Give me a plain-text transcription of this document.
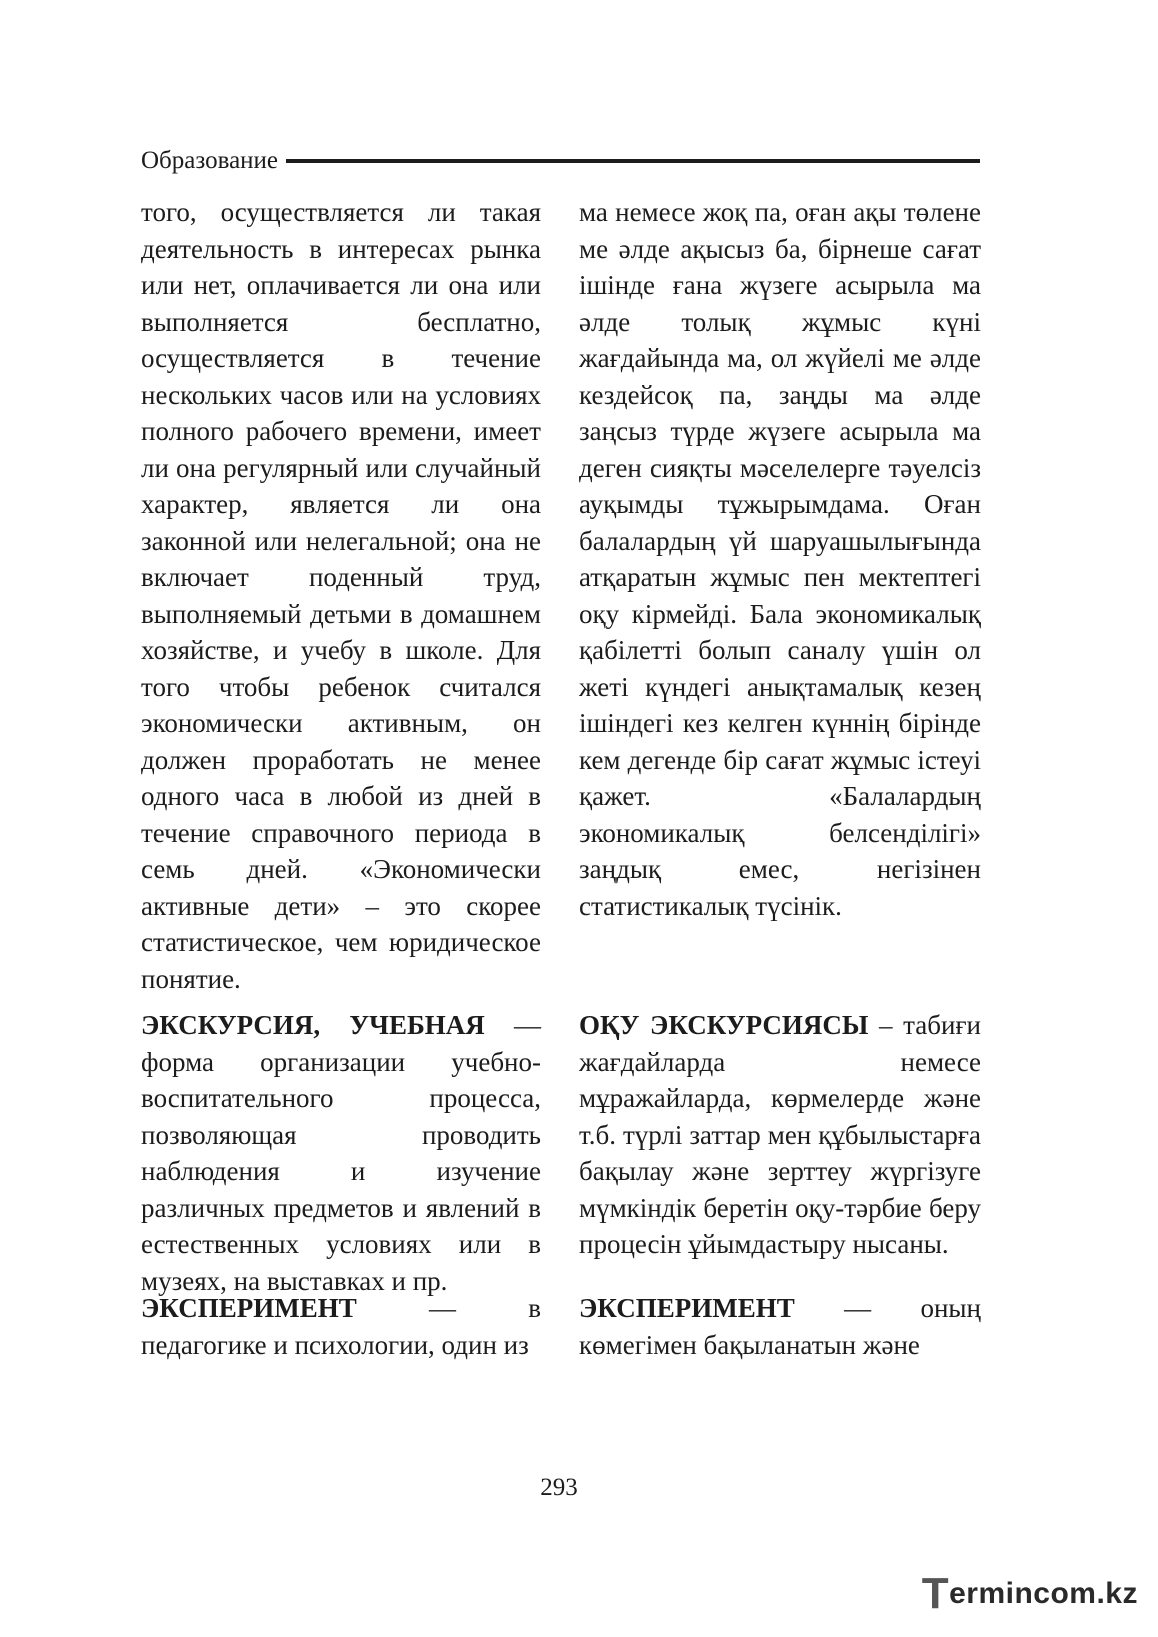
Образование

того, осуществляется ли такая деятельность в интересах рынка или нет, оплачивается ли она или выполняется бесплатно, осуществляется в течение нескольких часов или на условиях полного рабочего времени, имеет ли она регулярный или случайный характер, является ли она законной или нелегальной; она не включает поденный труд, выполняемый детьми в домашнем хозяйстве, и учебу в школе. Для того чтобы ребенок считался экономически активным, он должен проработать не менее одного часа в любой из дней в течение справочного периода в семь дней. «Экономически активные дети» – это скорее статистическое, чем юридическое понятие.

ЭКСКУРСИЯ, УЧЕБНАЯ — форма организации учебно-воспитательного процесса, позволяющая проводить наблюдения и изучение различных предметов и явлений в естественных условиях или в музеях, на выставках и пр.

ЭКСПЕРИМЕНТ	—	в педагогике и психологии, один из

ма немесе жоқ па, оған ақы төлене ме әлде ақысыз ба, бірнеше сағат ішінде ғана жүзеге асырыла ма әлде толық жұмыс күні жағдайында ма, ол жүйелі ме әлде кездейсоқ па, заңды ма әлде заңсыз түрде жүзеге асырыла ма деген сияқты мәселелерге тәуелсіз ауқымды тұжырымдама. Оған балалардың үй шаруашылығында атқаратын жұмыс пен мектептегі оқу кірмейді. Бала экономикалық қабілетті болып саналу үшін ол жеті күндегі анықтамалық кезең ішіндегі кез келген күннің бірінде кем дегенде бір сағат жұмыс істеуі қажет. «Балалардың экономикалық белсенділігі» заңдық емес, негізінен статистикалық түсінік.

ОҚУ ЭКСКУРСИЯСЫ – табиғи жағдайларда немесе мұражайларда, көрмелерде және т.б. түрлі заттар мен құбылыстарға бақылау және зерттеу жүргізуге мүмкіндік беретін оқу-тәрбие беру процесін ұйымдастыру нысаны.

ЭКСПЕРИМЕНТ — оның көмегімен бақыланатын және

293
T ermincom.kz
